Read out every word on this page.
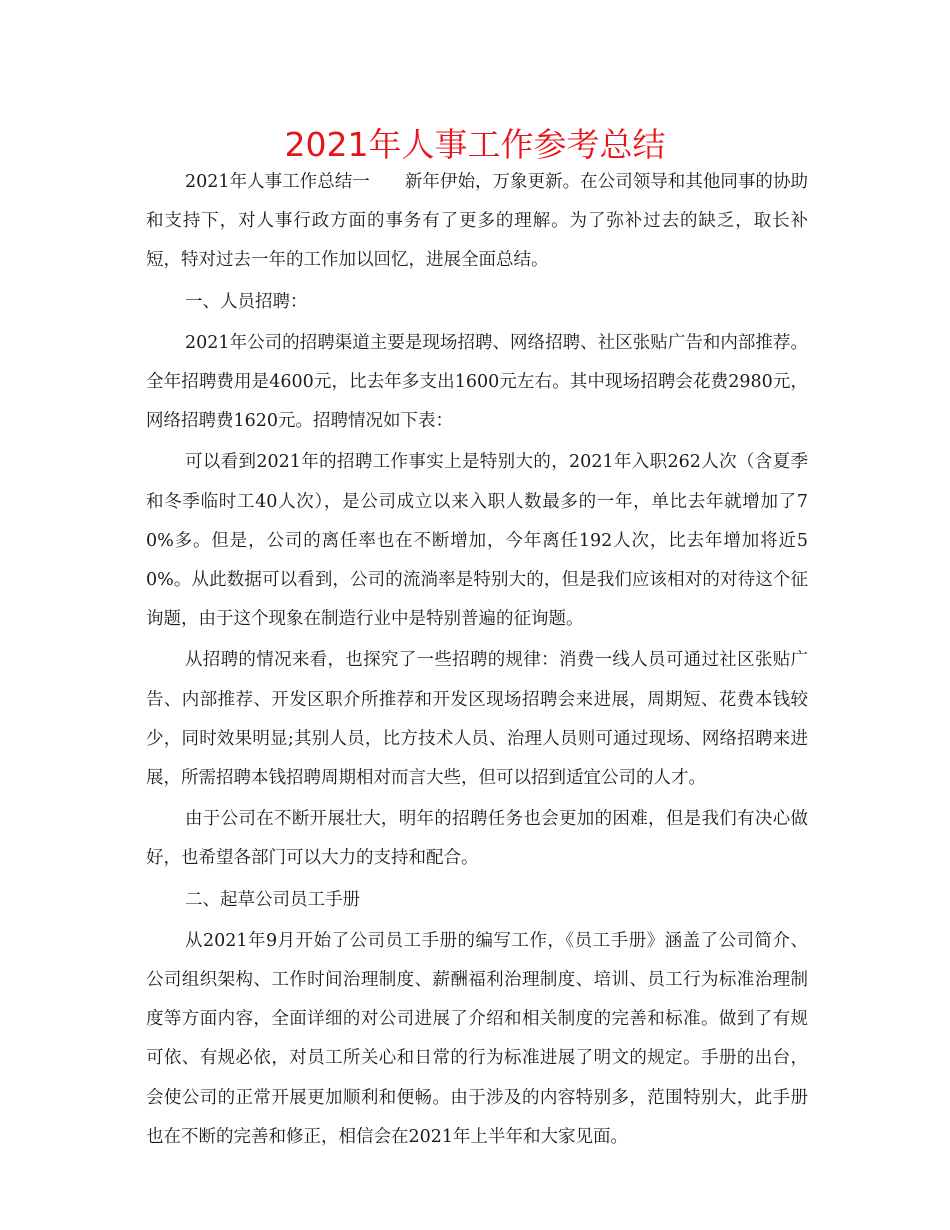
2021年人事工作参考总结

2021年人事工作总结一　　新年伊始，万象更新。在公司领导和其他同事的协助和支持下，对人事行政方面的事务有了更多的理解。为了弥补过去的缺乏，取长补短，特对过去一年的工作加以回忆，进展全面总结。

一、人员招聘：

2021年公司的招聘渠道主要是现场招聘、网络招聘、社区张贴广告和内部推荐。全年招聘费用是4600元，比去年多支出1600元左右。其中现场招聘会花费2980元，网络招聘费1620元。招聘情况如下表：

可以看到2021年的招聘工作事实上是特别大的，2021年入职262人次（含夏季和冬季临时工40人次），是公司成立以来入职人数最多的一年，单比去年就增加了70%多。但是，公司的离任率也在不断增加，今年离任192人次，比去年增加将近50%。从此数据可以看到，公司的流淌率是特别大的，但是我们应该相对的对待这个征询题，由于这个现象在制造行业中是特别普遍的征询题。

从招聘的情况来看，也探究了一些招聘的规律：消费一线人员可通过社区张贴广告、内部推荐、开发区职介所推荐和开发区现场招聘会来进展，周期短、花费本钱较少，同时效果明显;其别人员，比方技术人员、治理人员则可通过现场、网络招聘来进展，所需招聘本钱招聘周期相对而言大些，但可以招到适宜公司的人才。

由于公司在不断开展壮大，明年的招聘任务也会更加的困难，但是我们有决心做好，也希望各部门可以大力的支持和配合。

二、起草公司员工手册

从2021年9月开始了公司员工手册的编写工作，《员工手册》涵盖了公司简介、公司组织架构、工作时间治理制度、薪酬福利治理制度、培训、员工行为标准治理制度等方面内容，全面详细的对公司进展了介绍和相关制度的完善和标准。做到了有规可依、有规必依，对员工所关心和日常的行为标准进展了明文的规定。手册的出台，会使公司的正常开展更加顺利和便畅。由于涉及的内容特别多，范围特别大，此手册也在不断的完善和修正，相信会在2021年上半年和大家见面。
